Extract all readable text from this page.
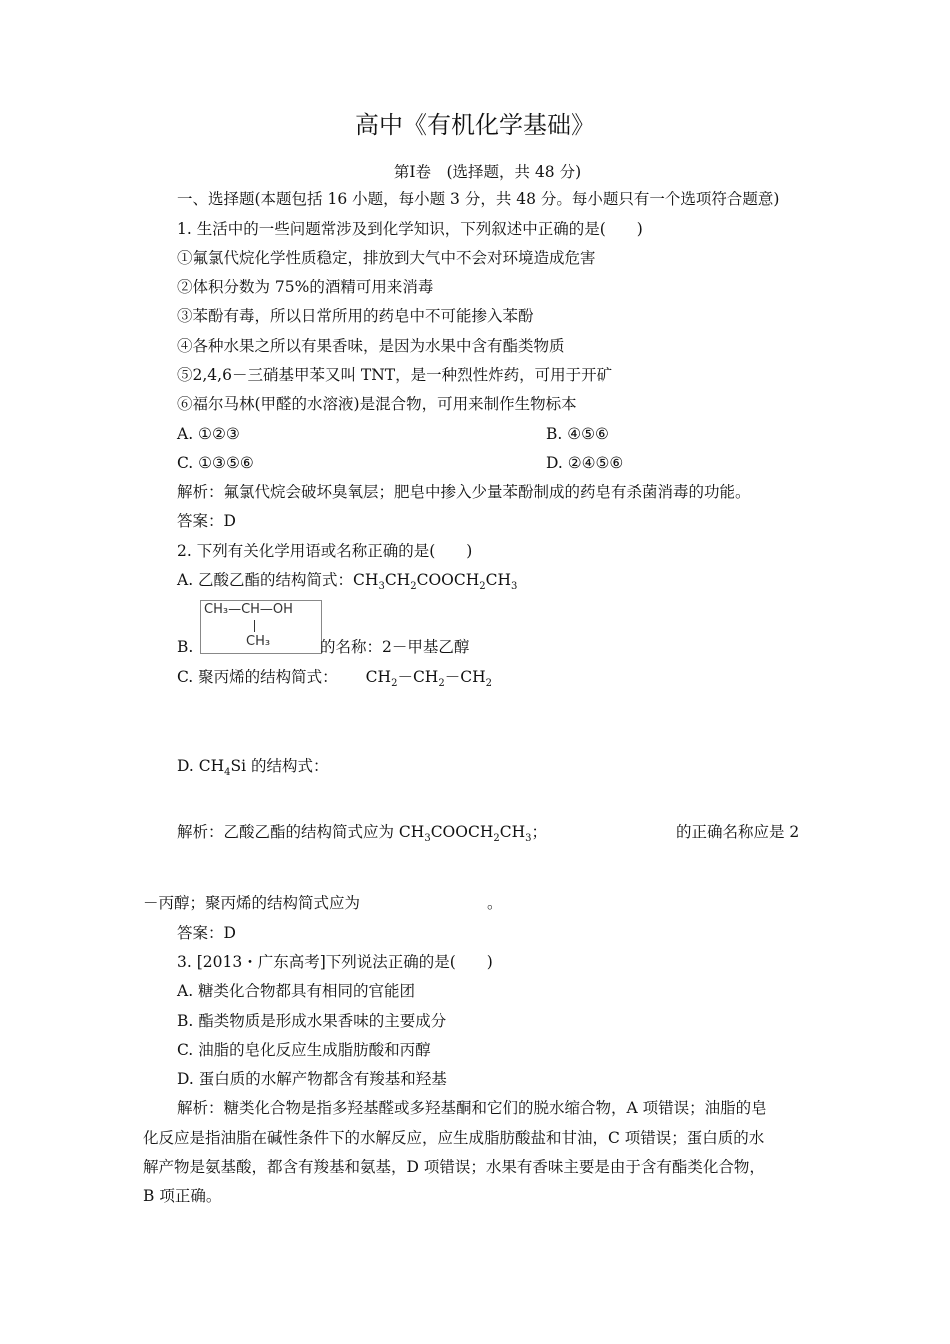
高中《有机化学基础》
第Ⅰ卷　(选择题，共 48 分)
一、选择题(本题包括 16 小题，每小题 3 分，共 48 分。每小题只有一个选项符合题意)
1. 生活中的一些问题常涉及到化学知识，下列叙述中正确的是(　　)
①氟氯代烷化学性质稳定，排放到大气中不会对环境造成危害
②体积分数为 75%的酒精可用来消毒
③苯酚有毒，所以日常所用的药皂中不可能掺入苯酚
④各种水果之所以有果香味，是因为水果中含有酯类物质
⑤2,4,6－三硝基甲苯又叫 TNT，是一种烈性炸药，可用于开矿
⑥福尔马林(甲醛的水溶液)是混合物，可用来制作生物标本
A. ①②③	B. ④⑤⑥
C. ①③⑤⑥	D. ②④⑤⑥
解析：氟氯代烷会破坏臭氧层；肥皂中掺入少量苯酚制成的药皂有杀菌消毒的功能。
答案：D
2. 下列有关化学用语或名称正确的是(　　)
A. 乙酸乙酯的结构简式：$CH_3CH_2COOCH_2CH_3$
CH₃—CH—OH
CH₃
B.	的名称：2－甲基乙醇
C. 聚丙烯的结构简式： $CH_2-CH_2-CH_2$
D. $CH_4Si$ 的结构式：
解析：乙酸乙酯的结构简式应为 $CH_3COOCH_2CH_3$；	的正确名称应是 2
－丙醇；聚丙烯的结构简式应为	。
答案：D
3. [2013・广东高考]下列说法正确的是(　　)
A. 糖类化合物都具有相同的官能团
B. 酯类物质是形成水果香味的主要成分
C. 油脂的皂化反应生成脂肪酸和丙醇
D. 蛋白质的水解产物都含有羧基和羟基
解析：糖类化合物是指多羟基醛或多羟基酮和它们的脱水缩合物，A 项错误；油脂的皂
化反应是指油脂在碱性条件下的水解反应，应生成脂肪酸盐和甘油，C 项错误；蛋白质的水
解产物是氨基酸，都含有羧基和氨基，D 项错误；水果有香味主要是由于含有酯类化合物，
B 项正确。
